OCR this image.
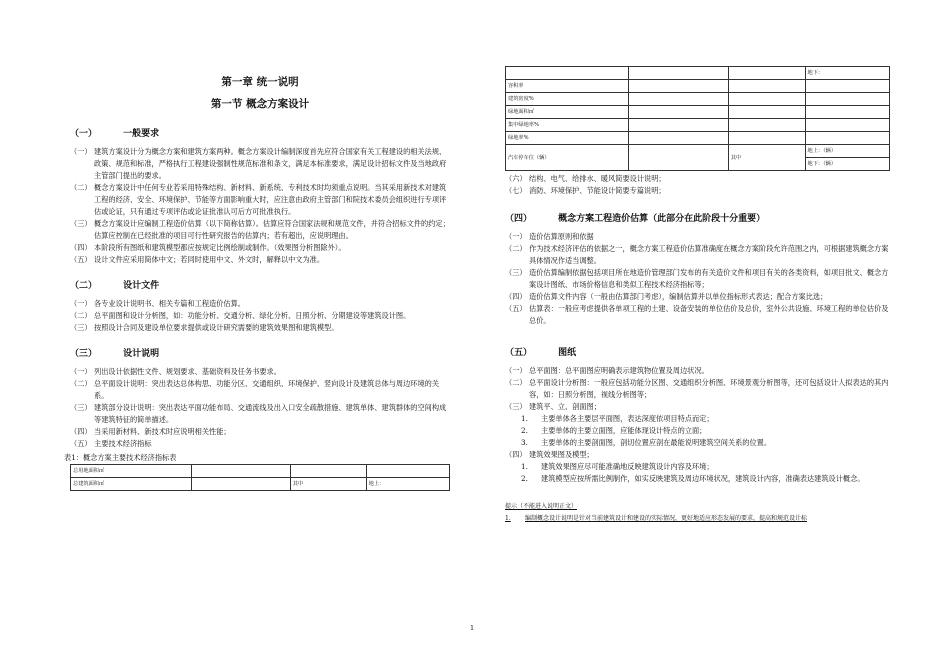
第一章 统一说明
第一节 概念方案设计
（一）	一般要求
（一） 建筑方案设计分为概念方案和建筑方案两种。概念方案设计编制深度首先应符合国家有关工程建设的相关法规、政策、规范和标准，严格执行工程建设强制性规范标准和条文，满足本标准要求，满足设计招标文件及当地政府主管部门提出的要求。
（二） 概念方案设计中任何专业若采用特殊结构、新材料、新系统、专利技术时均须重点说明。当其采用新技术对建筑工程的经济、安全、环境保护、节能等方面影响重大时，应注意由政府主管部门和院技术委员会组织进行专项评估或论证，只有通过专项评估或论证批准认可后方可批准执行。
（三） 概念方案设计应编制工程造价估算（以下简称估算）。估算应符合国家法规和规范文件，并符合招标文件的约定；估算应控制在已经批准的项目可行性研究报告的估算内；若有超出，应说明理由。
（四） 本阶段所有图纸和建筑模型都应按规定比例绘制或制作。（效果图分析图除外）。
（五） 设计文件应采用简体中文；若同时使用中文、外文时，解释以中文为准。
（二）	设计文件
（一） 各专业设计说明书、相关专篇和工程造价估算。
（二） 总平面图和设计分析图，如：功能分析、交通分析、绿化分析、日照分析、分期建设等建筑设计图。
（三） 按照设计合同及建设单位要求提供或设计研究需要的建筑效果图和建筑模型。
（三）	设计说明
（一） 列出设计依据性文件、规划要求、基础资料及任务书要求。
（二） 总平面设计说明：突出表达总体构思、功能分区、交通组织、环境保护、竖向设计及建筑总体与周边环境的关系。
（三） 建筑部分设计说明：突出表达平面功能布局、交通流线及出入口安全疏散措施、建筑单体、建筑群体的空间构成等建筑特征的简单描述。
（四） 当采用新材料、新技术时应说明相关性能；
（五） 主要技术经济指标
表1：概念方案主要技术经济指标表
总用地面积㎡			
总建筑面积㎡		其中	地上：
			地下：
容积率			
建筑密度%			
绿地面积㎡			
集中绿地率%			
绿地率%			
汽车停车位（辆）		其中	地上：（辆）
			地下：（辆）
（六） 结构、电气、给排水、暖风简要设计说明；
（七） 消防、环境保护、节能设计简要专篇说明；
（四）	概念方案工程造价估算（此部分在此阶段十分重要）
（一） 造价估算原则和依据
（二） 作为技术经济评估的依据之一，概念方案工程造价估算准确度在概念方案阶段允许范围之内，可根据建筑概念方案具体情况作适当调整。
（三） 造价估算编制依据包括项目所在地造价管理部门发布的有关造价文件和项目有关的各类资料，如项目批文、概念方案设计图纸、市场价格信息和类似工程技术经济指标等；
（四） 造价估算文件内容（一般由估算部门考虑），编制估算并以单位指标形式表达；配合方案比选；
（五） 估算表：一般应考虑提供各单项工程的土建、设备安装的单位估价及总价，室外公共设施、环境工程的单位估价及总价。
（五）	图纸
（一） 总平面图：总平面图应明确表示建筑物位置及周边状况。
（二） 总平面设计分析图：一般应包括功能分区图、交通组织分析图、环境景观分析图等，还可包括设计人拟表达的其内容，如：日照分析图，视线分析图等；
（三） 建筑平、立、剖面图；
1.	主要单体各主要层平面图，表达深度依项目特点而定；
2.	主要单体的主要立面图，应能体现设计特点的立面；
3.	主要单体的主要剖面图，剖切位置应剖在最能说明建筑空间关系的位置。
（四） 建筑效果图及模型；
1.	建筑效果图应尽可能准确地反映建筑设计内容及环境；
2.	建筑模型应按所需比例制作，如实反映建筑及周边环境状况，建筑设计内容，准确表达建筑设计概念。
提示（不能进入说明正文）
1.	编制概念设计说明是针对当前建筑设计和建设的实际情况，更好地适应形态发展的要求，提高和规范设计标
1
